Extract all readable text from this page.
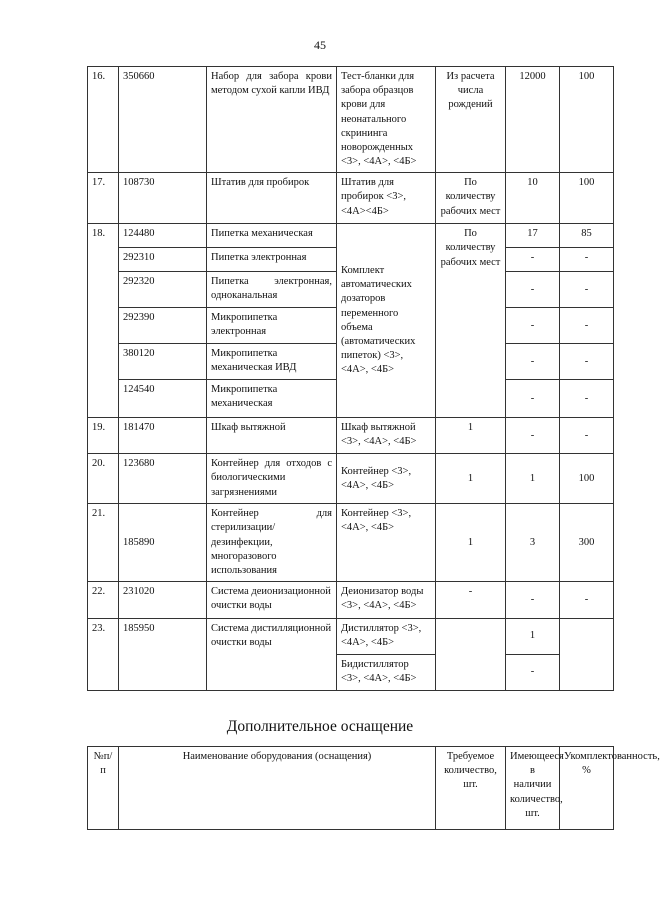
45
16.	350660	Набор для забора крови методом сухой капли ИВД	Тест-бланки для забора образцов крови для неонатального скрининга новорожденных <3>, <4А>, <4Б>	Из расчета числа рождений	12000	100
17.	108730	Штатив для пробирок	Штатив для пробирок <3>, <4А><4Б>	По количеству рабочих мест	10	100
18.	124480	Пипетка механическая	Комплект автоматических дозаторов переменного объема (автоматических пипеток) <3>, <4А>, <4Б>	По количеству рабочих мест	17	85
	292310	Пипетка электронная			-	-
	292320	Пипетка электронная, одноканальная			-	-
	292390	Микропипетка электронная			-	-
	380120	Микропипетка механическая ИВД			-	-
	124540	Микропипетка механическая			-	-
19.	181470	Шкаф вытяжной	Шкаф вытяжной <3>, <4А>, <4Б>	1	-	-
20.	123680	Контейнер для отходов с биологическими загрязнениями	Контейнер <3>, <4А>, <4Б>	1	1	100
21.	185890	Контейнер для стерилизации/дезинфекции, многоразового использования	Контейнер <3>, <4А>, <4Б>	1	3	300
22.	231020	Система деионизационной очистки воды	Деионизатор воды <3>, <4А>, <4Б>	-	-	-
23.	185950	Система дистилляционной очистки воды	Дистиллятор <3>, <4А>, <4Б>		1	
			Бидистиллятор <3>, <4А>, <4Б>		-	
Дополнительное оснащение
№п/п	Наименование оборудования (оснащения)	Требуемое количество, шт.	Имеющееся в наличии количество, шт.	Укомплектованность, %
